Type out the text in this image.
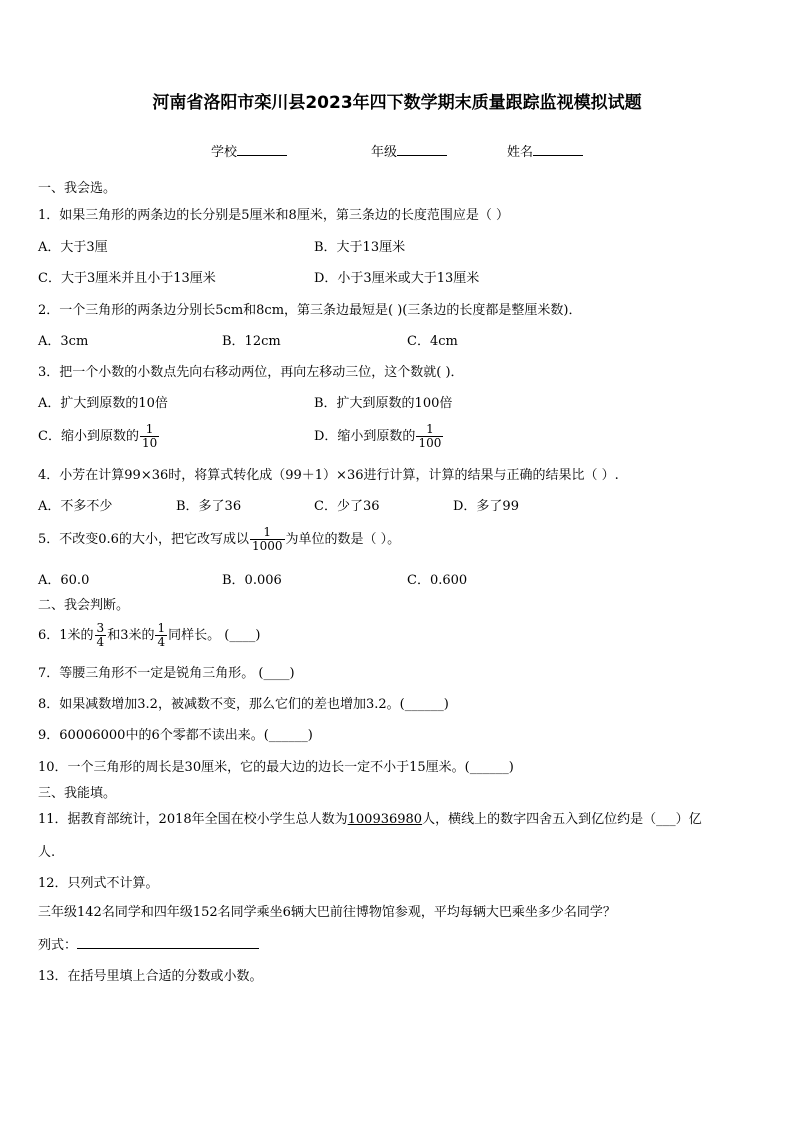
河南省洛阳市栾川县2023年四下数学期末质量跟踪监视模拟试题
学校	年级	姓名
一、我会选。
1．如果三角形的两条边的长分别是5厘米和8厘米，第三条边的长度范围应是（ ）
A．大于3厘	B．大于13厘米
C．大于3厘米并且小于13厘米	D．小于3厘米或大于13厘米
2．一个三角形的两条边分别长5cm和8cm，第三条边最短是( )(三条边的长度都是整厘米数)．
A．3cm	B．12cm	C．4cm
3．把一个小数的小数点先向右移动两位，再向左移动三位，这个数就( )．
A．扩大到原数的10倍	B．扩大到原数的100倍
C．缩小到原数的 $\frac{1}{10}$	D．缩小到原数的 $\frac{1}{100}$
4．小芳在计算99×36时，将算式转化成（99＋1）×36进行计算，计算的结果与正确的结果比（ ）.
A．不多不少	B．多了36	C．少了36	D．多了99
5．不改变0.6的大小，把它改写成以 $\frac{1}{1000}$ 为单位的数是（ ）。
A．60.0	B．0.006	C．0.600
二、我会判断。
6．1米的 $\frac{3}{4}$ 和3米的 $\frac{1}{4}$ 同样长。 (____)
7．等腰三角形不一定是锐角三角形。 (____)
8．如果减数增加3.2，被减数不变，那么它们的差也增加3.2。(______)
9．60006000中的6个零都不读出来。(______)
10．一个三角形的周长是30厘米，它的最大边的边长一定不小于15厘米。(______)
三、我能填。
11．据教育部统计，2018年全国在校小学生总人数为100936980人，横线上的数字四舍五入到亿位约是（___）亿
人.
12．只列式不计算。
三年级142名同学和四年级152名同学乘坐6辆大巴前往博物馆参观，平均每辆大巴乘坐多少名同学？
列式：
13．在括号里填上合适的分数或小数。
